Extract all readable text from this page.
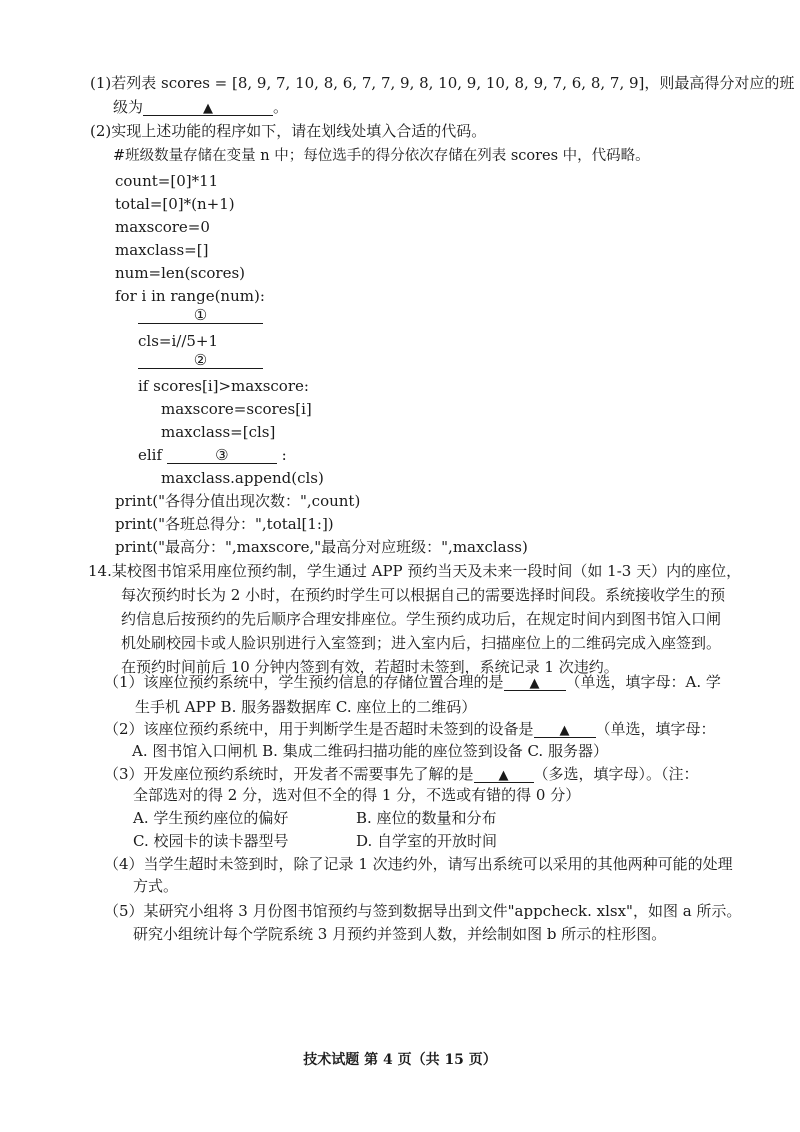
(1)若列表 scores = [8, 9, 7, 10, 8, 6, 7, 7, 9, 8, 10, 9, 10, 8, 9, 7, 6, 8, 7, 9]，则最高得分对应的班
级为	▲	。
(2)实现上述功能的程序如下，请在划线处填入合适的代码。
#班级数量存储在变量 n 中；每位选手的得分依次存储在列表 scores 中，代码略。
count=[0]*11
total=[0]*(n+1)
maxscore=0
maxclass=[]
num=len(scores)
for i in range(num):
①
cls=i//5+1
②
if scores[i]>maxscore:
maxscore=scores[i]
maxclass=[cls]
elif	③	:
maxclass.append(cls)
print("各得分值出现次数：",count)
print("各班总得分：",total[1:])
print("最高分：",maxscore,"最高分对应班级：",maxclass)
14.某校图书馆采用座位预约制，学生通过 APP 预约当天及未来一段时间（如 1-3 天）内的座位，
每次预约时长为 2 小时，在预约时学生可以根据自己的需要选择时间段。系统接收学生的预
约信息后按预约的先后顺序合理安排座位。学生预约成功后，在规定时间内到图书馆入口闸
机处刷校园卡或人脸识别进行入室签到；进入室内后，扫描座位上的二维码完成入座签到。
在预约时间前后 10 分钟内签到有效，若超时未签到，系统记录 1 次违约。
（1）该座位预约系统中，学生预约信息的存储位置合理的是 ▲ （单选，填字母：A. 学
生手机 APP B. 服务器数据库 C. 座位上的二维码）
（2）该座位预约系统中，用于判断学生是否超时未签到的设备是 ▲ （单选，填字母：
A. 图书馆入口闸机 B. 集成二维码扫描功能的座位签到设备 C. 服务器）
（3）开发座位预约系统时，开发者不需要事先了解的是 ▲ （多选，填字母）。（注：
全部选对的得 2 分，选对但不全的得 1 分，不选或有错的得 0 分）
A. 学生预约座位的偏好	B. 座位的数量和分布
C. 校园卡的读卡器型号	D. 自学室的开放时间
（4）当学生超时未签到时，除了记录 1 次违约外，请写出系统可以采用的其他两种可能的处理
方式。
（5）某研究小组将 3 月份图书馆预约与签到数据导出到文件"appcheck. xlsx"，如图 a 所示。
研究小组统计每个学院系统 3 月预约并签到人数，并绘制如图 b 所示的柱形图。
技术试题 第 4 页（共 15 页）
